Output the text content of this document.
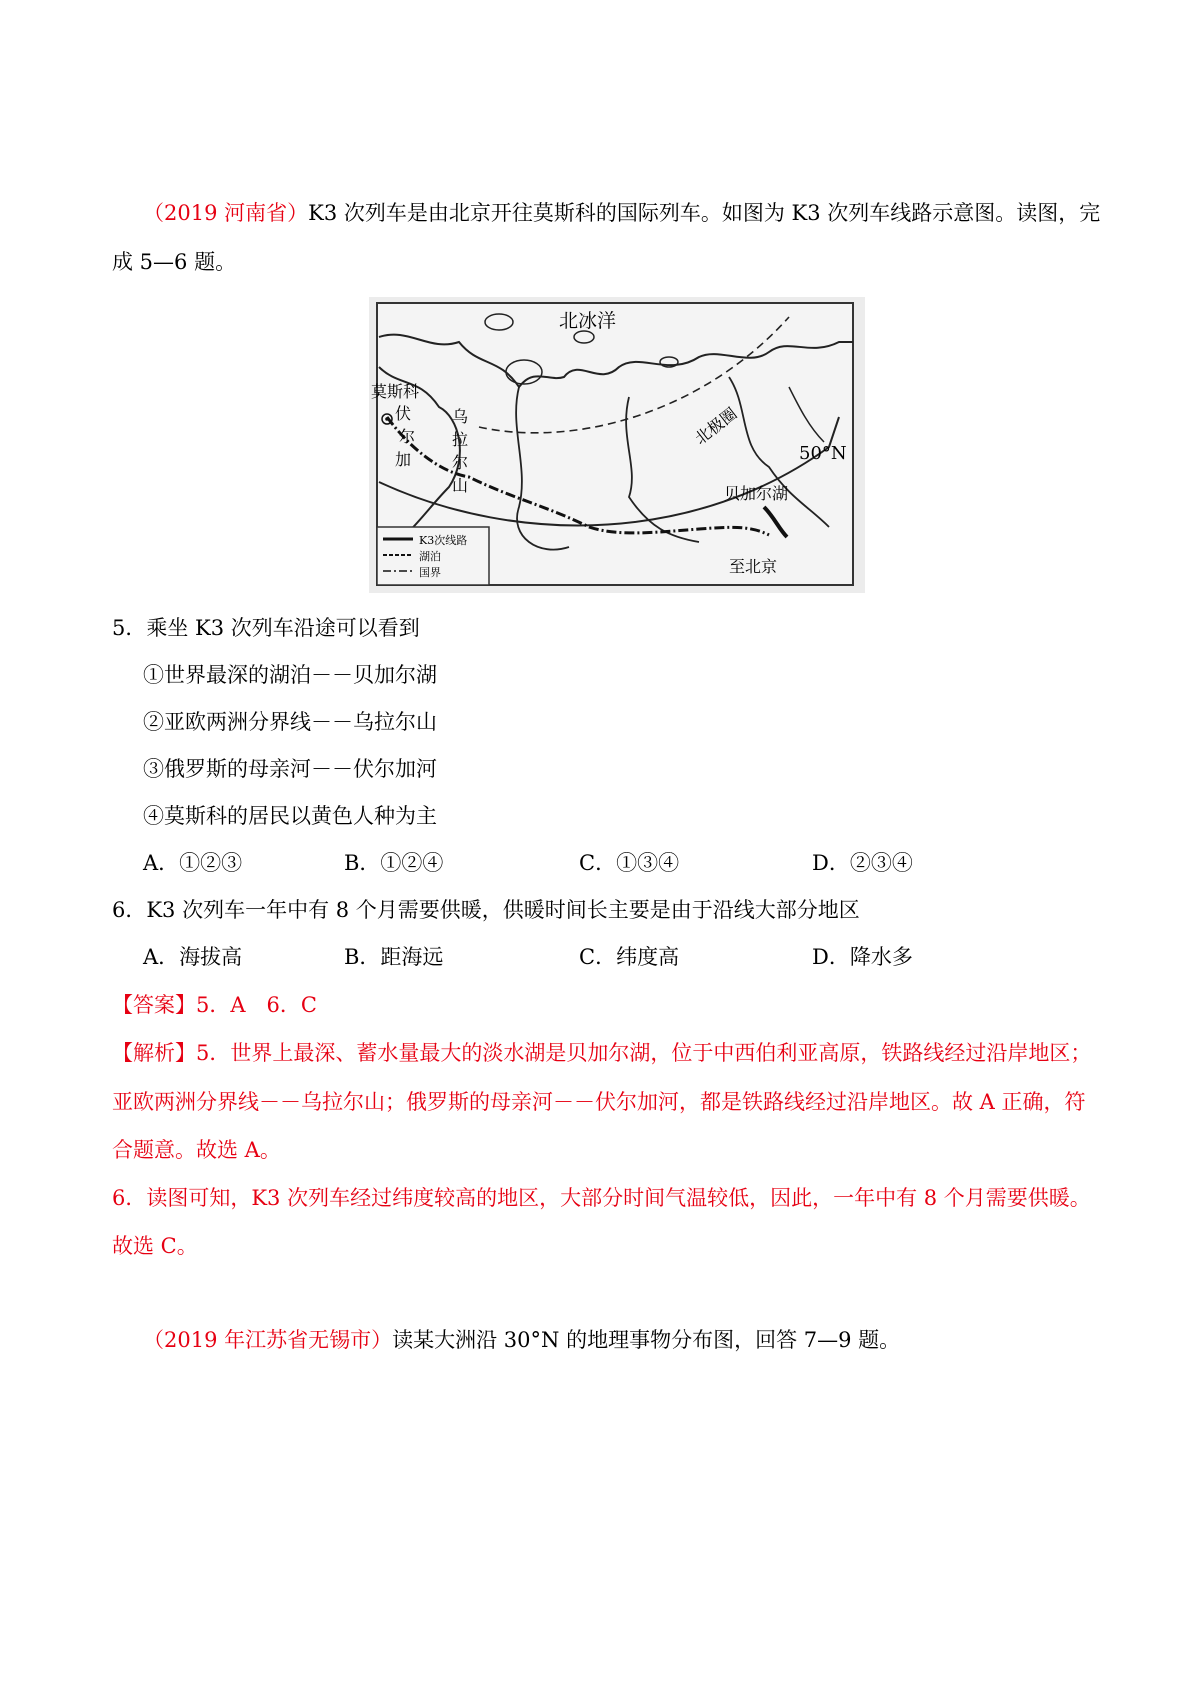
（2019 河南省）K3 次列车是由北京开往莫斯科的国际列车。如图为 K3 次列车线路示意图。读图，完
成 5—6 题。
K3次线路
湖泊
国界
北冰洋
莫斯科
伏
尔
加
乌
拉
尔
山
北极圈
50°N
贝加尔湖
至北京
5．乘坐 K3 次列车沿途可以看到
①世界最深的湖泊－－贝加尔湖
②亚欧两洲分界线－－乌拉尔山
③俄罗斯的母亲河－－伏尔加河
④莫斯科的居民以黄色人种为主
A．①②③	B．①②④	C．①③④	D．②③④
6．K3 次列车一年中有 8 个月需要供暖，供暖时间长主要是由于沿线大部分地区
A．海拔高	B．距海远	C．纬度高	D．降水多
【答案】5．A　6．C
【解析】5．世界上最深、蓄水量最大的淡水湖是贝加尔湖，位于中西伯利亚高原，铁路线经过沿岸地区；
亚欧两洲分界线－－乌拉尔山；俄罗斯的母亲河－－伏尔加河，都是铁路线经过沿岸地区。故 A 正确，符
合题意。故选 A。
6．读图可知，K3 次列车经过纬度较高的地区，大部分时间气温较低，因此，一年中有 8 个月需要供暖。
故选 C。
（2019 年江苏省无锡市）读某大洲沿 30°N 的地理事物分布图，回答 7—9 题。
